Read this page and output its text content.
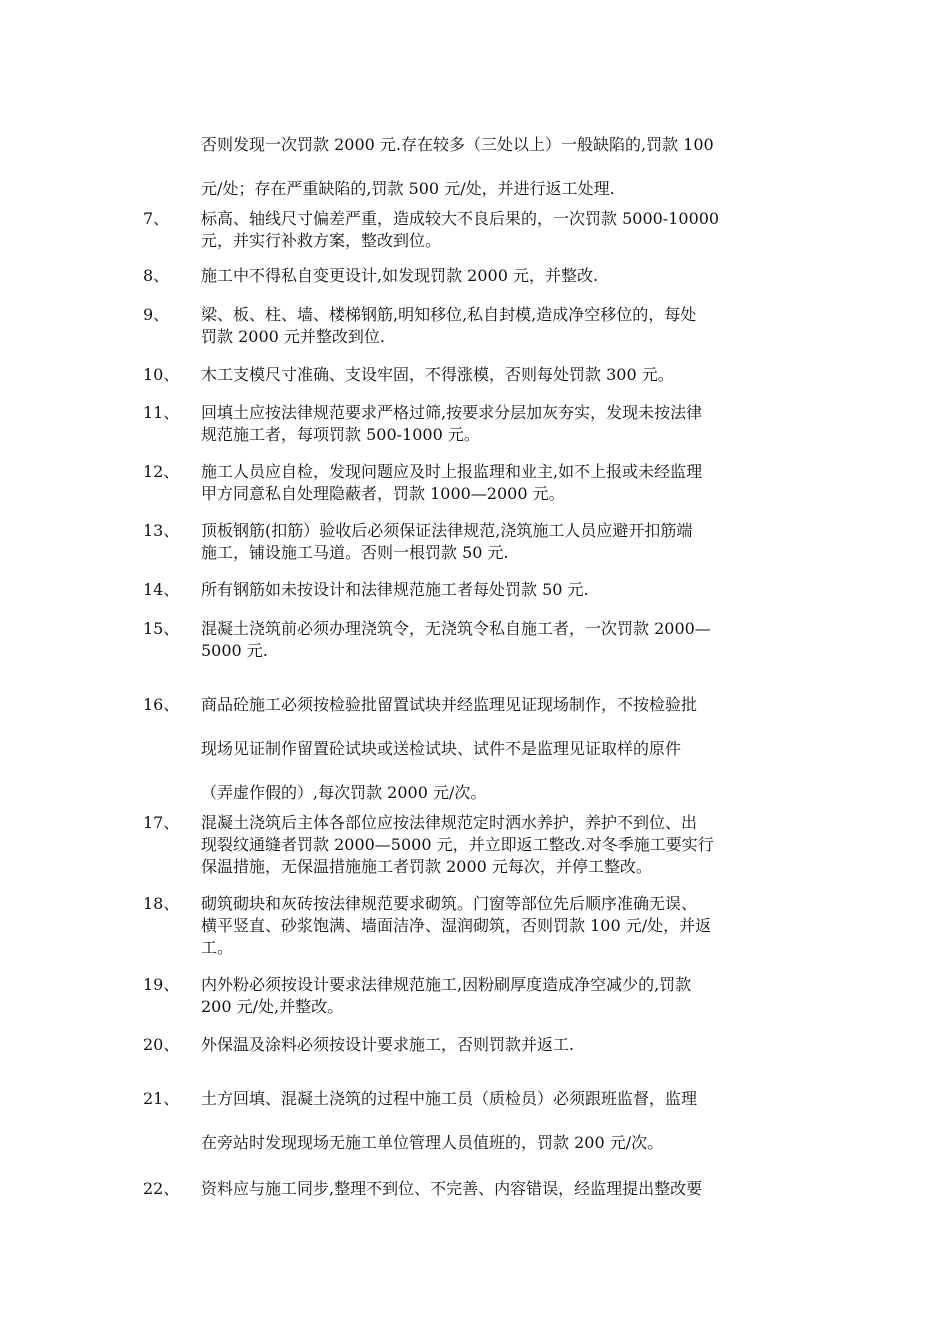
否则发现一次罚款 2000 元.存在较多（三处以上）一般缺陷的,罚款 100
元/处；存在严重缺陷的,罚款 500 元/处，并进行返工处理.
7、 标高、轴线尺寸偏差严重，造成较大不良后果的，一次罚款 5000-10000
元，并实行补救方案，整改到位。
8、 施工中不得私自变更设计,如发现罚款 2000 元，并整改.
9、 梁、板、柱、墙、楼梯钢筋,明知移位,私自封模,造成净空移位的，每处
罚款 2000 元并整改到位.
10、 木工支模尺寸准确、支设牢固，不得涨模，否则每处罚款 300 元。
11、 回填土应按法律规范要求严格过筛,按要求分层加灰夯实，发现未按法律
规范施工者，每项罚款 500-1000 元。
12、 施工人员应自检，发现问题应及时上报监理和业主,如不上报或未经监理
甲方同意私自处理隐蔽者，罚款 1000—2000 元。
13、 顶板钢筋(扣筋）验收后必须保证法律规范,浇筑施工人员应避开扣筋端
施工，铺设施工马道。否则一根罚款 50 元.
14、 所有钢筋如未按设计和法律规范施工者每处罚款 50 元.
15、 混凝土浇筑前必须办理浇筑令，无浇筑令私自施工者，一次罚款 2000—
5000 元.
16、 商品砼施工必须按检验批留置试块并经监理见证现场制作，不按检验批
现场见证制作留置砼试块或送检试块、试件不是监理见证取样的原件
（弄虚作假的）,每次罚款 2000 元/次。
17、 混凝土浇筑后主体各部位应按法律规范定时洒水养护，养护不到位、出
现裂纹通缝者罚款 2000—5000 元，并立即返工整改.对冬季施工要实行
保温措施，无保温措施施工者罚款 2000 元每次，并停工整改。
18、 砌筑砌块和灰砖按法律规范要求砌筑。门窗等部位先后顺序准确无误、
横平竖直、砂浆饱满、墙面洁净、湿润砌筑，否则罚款 100 元/处，并返
工。
19、 内外粉必须按设计要求法律规范施工,因粉刷厚度造成净空减少的,罚款
200 元/处,并整改。
20、 外保温及涂料必须按设计要求施工，否则罚款并返工.
21、 土方回填、混凝土浇筑的过程中施工员（质检员）必须跟班监督，监理
在旁站时发现现场无施工单位管理人员值班的，罚款 200 元/次。
22、 资料应与施工同步,整理不到位、不完善、内容错误，经监理提出整改要
